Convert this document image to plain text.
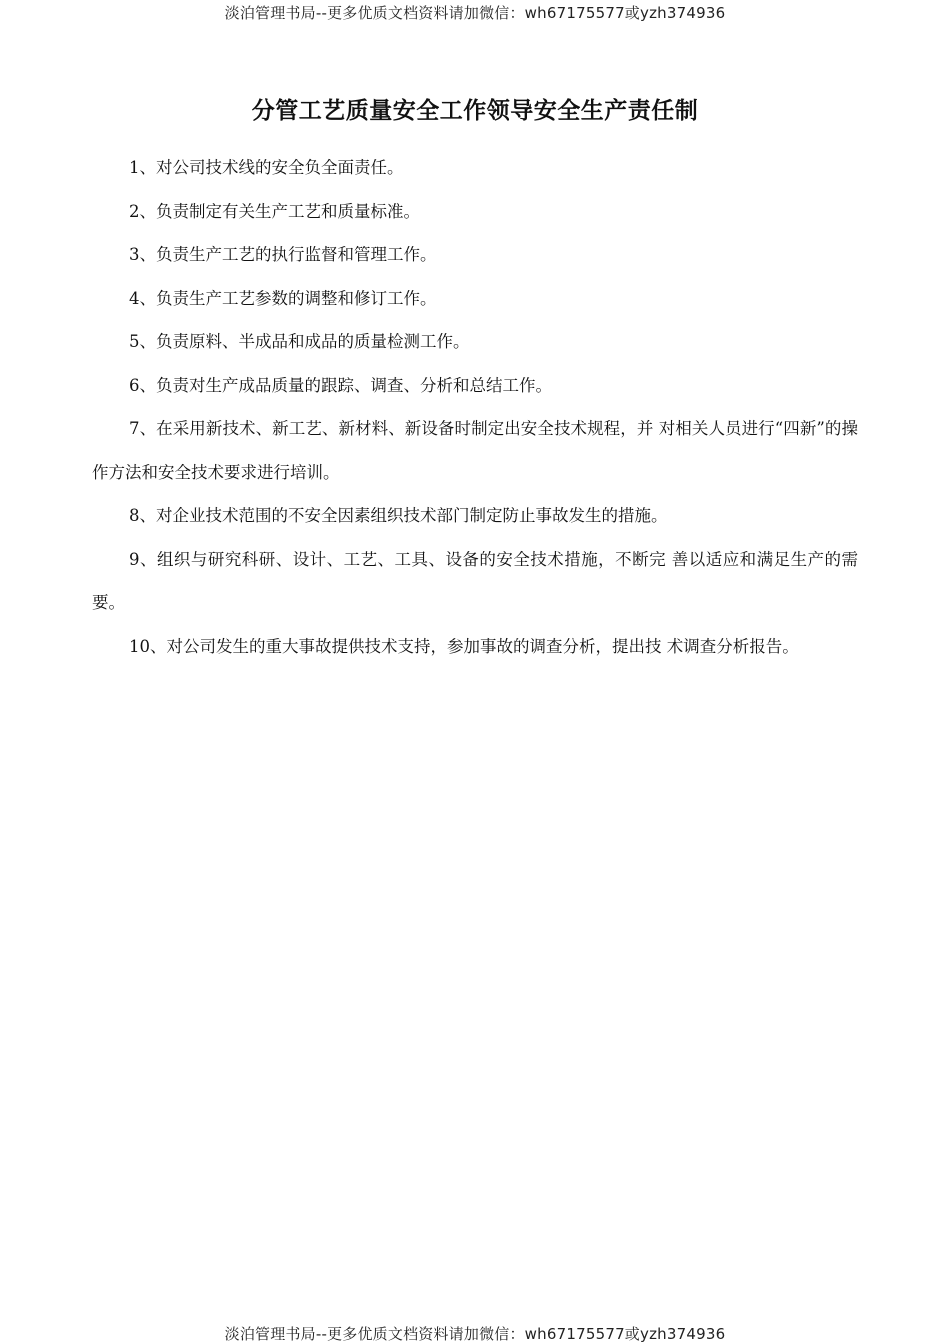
淡泊管理书局--更多优质文档资料请加微信：wh67175577或yzh374936
分管工艺质量安全工作领导安全生产责任制

1、对公司技术线的安全负全面责任。

2、负责制定有关生产工艺和质量标准。

3、负责生产工艺的执行监督和管理工作。

4、负责生产工艺参数的调整和修订工作。

5、负责原料、半成品和成品的质量检测工作。

6、负责对生产成品质量的跟踪、调查、分析和总结工作。

7、在采用新技术、新工艺、新材料、新设备时制定出安全技术规程，并 对相关人员进行“四新”的操作方法和安全技术要求进行培训。

8、对企业技术范围的不安全因素组织技术部门制定防止事故发生的措施。

9、组织与研究科研、设计、工艺、工具、设备的安全技术措施，不断完 善以适应和满足生产的需要。

10、对公司发生的重大事故提供技术支持，参加事故的调查分析，提出技 术调查分析报告。

淡泊管理书局--更多优质文档资料请加微信：wh67175577或yzh374936
